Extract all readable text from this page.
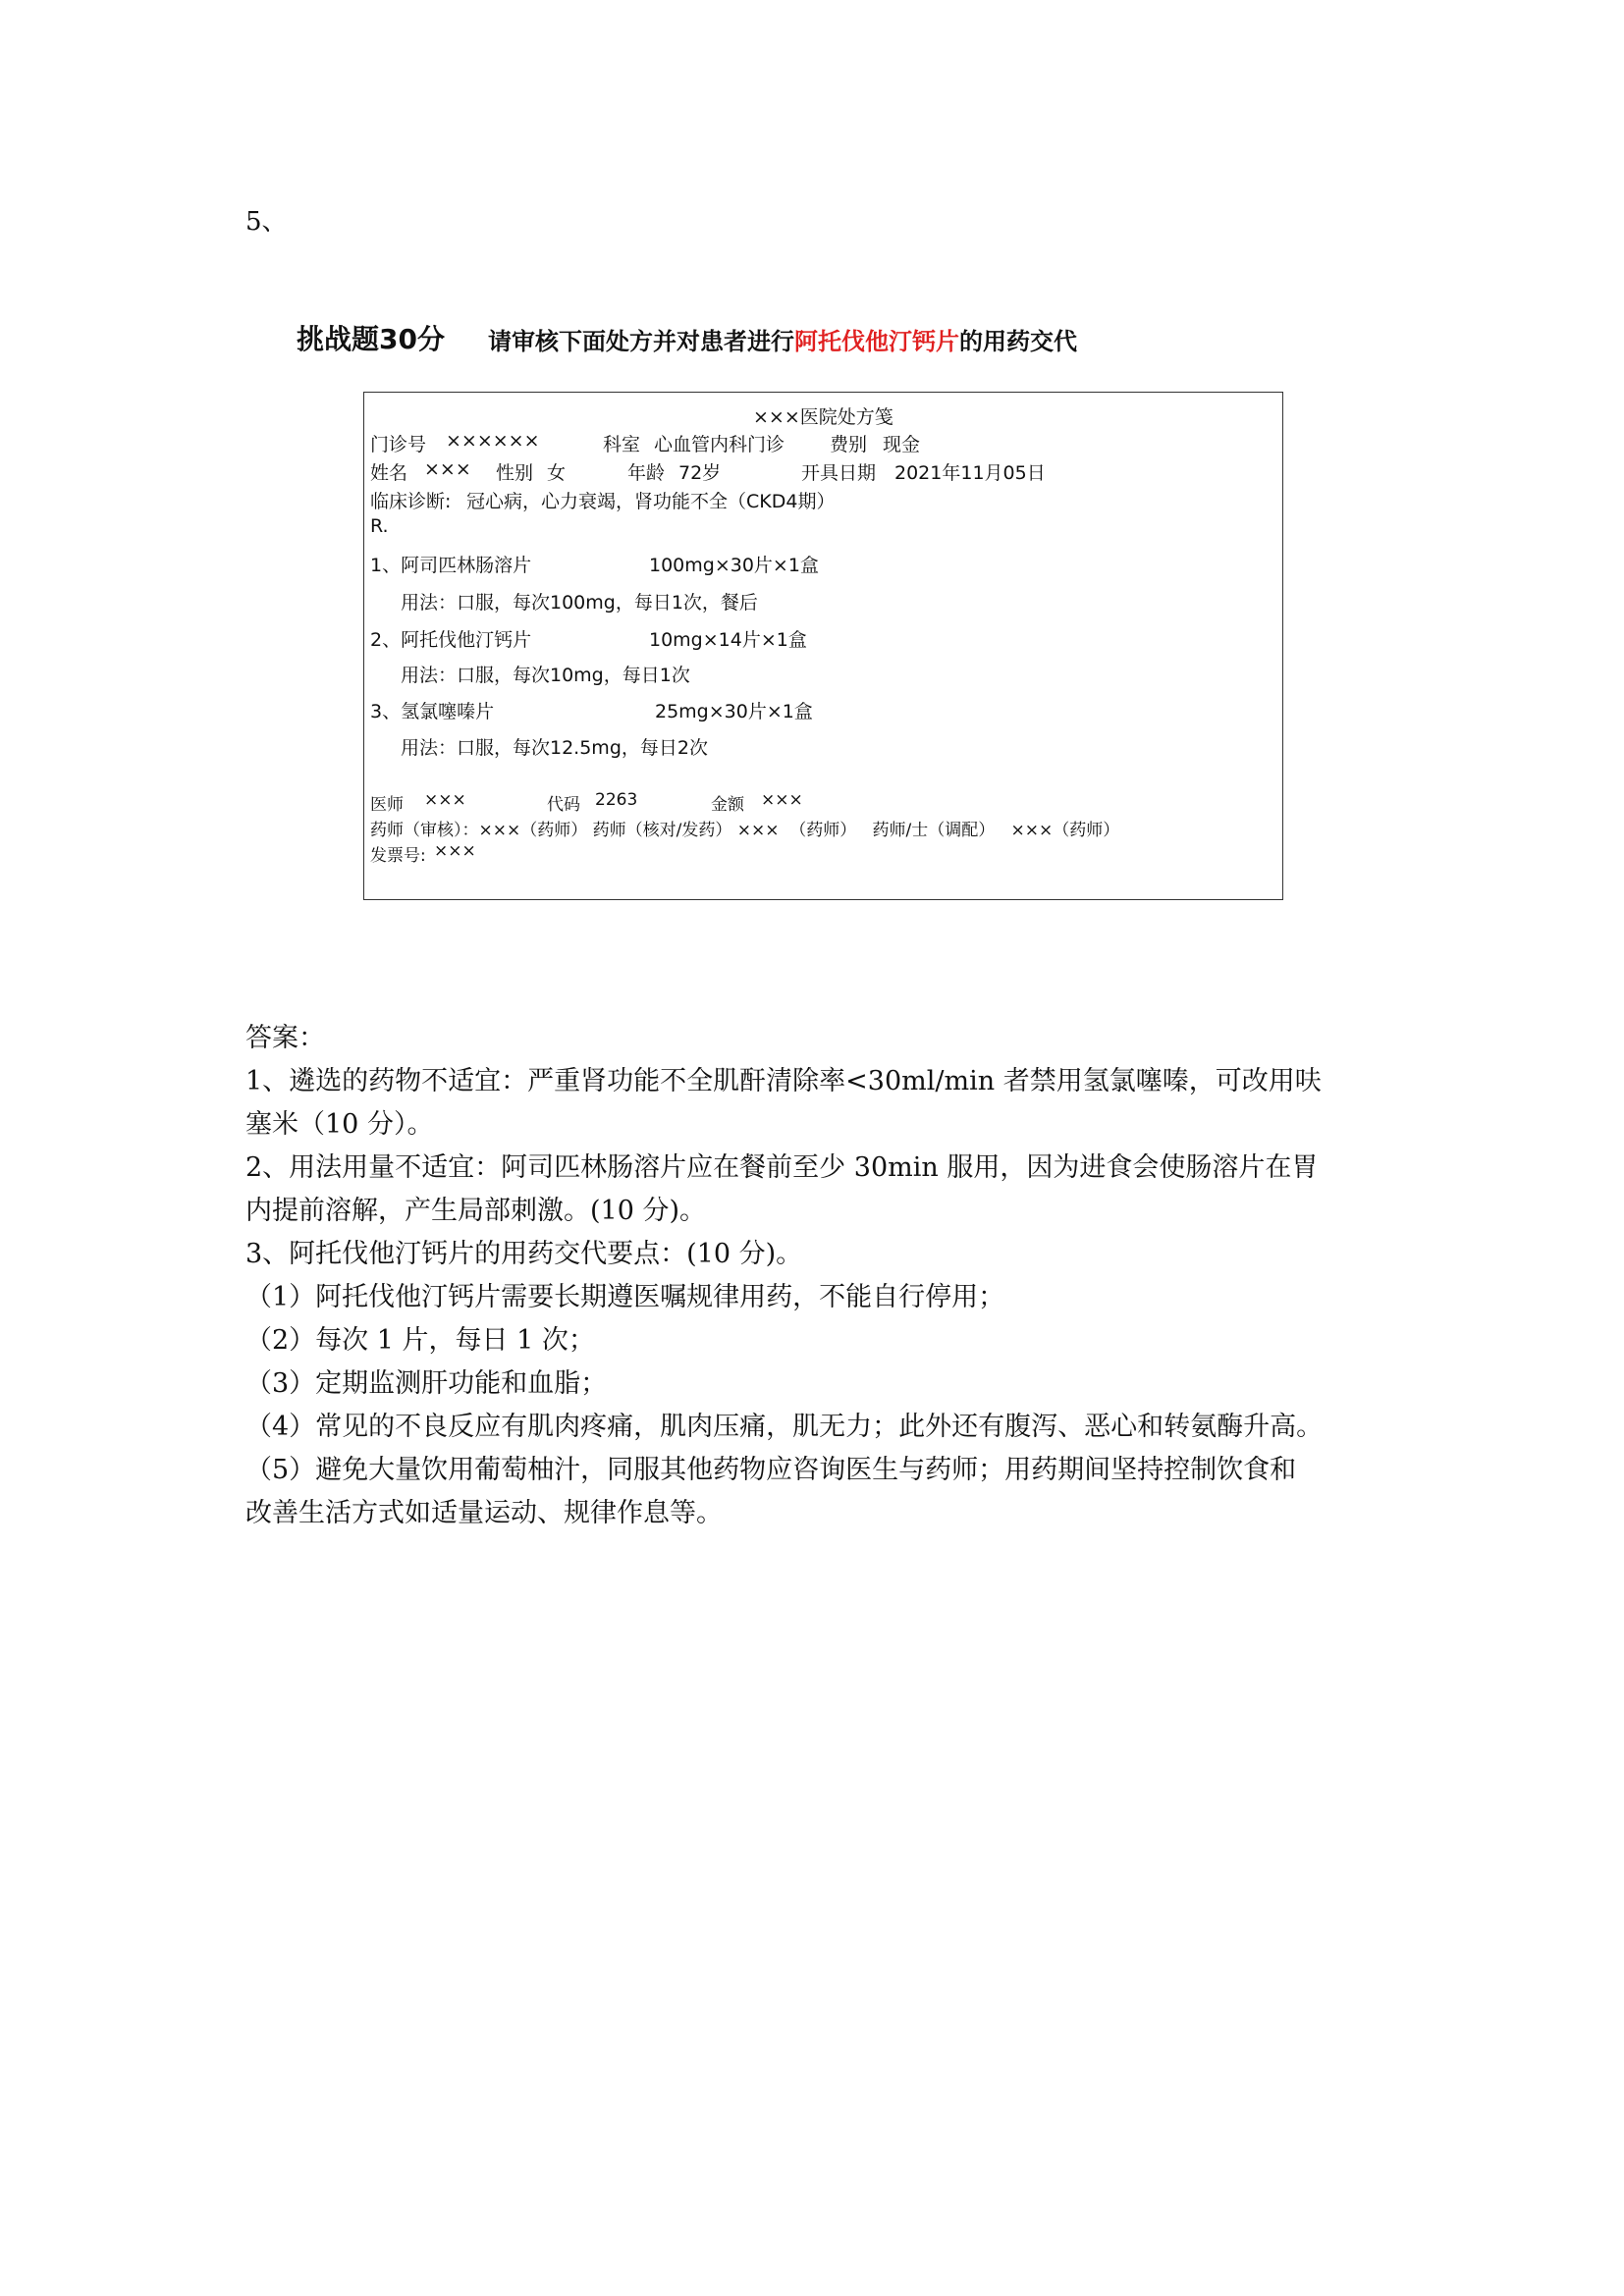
5、
挑战题30分 请审核下面处方并对患者进行阿托伐他汀钙片的用药交代
×××医院处方笺
门诊号 ××××××	科室 心血管内科门诊 费别 现金
姓名 ××× 性别 女	年龄 72岁	开具日期 2021年11月05日
临床诊断: 冠心病，心力衰竭，肾功能不全（CKD4期）
R.
1、阿司匹林肠溶片	100mg×30片×1盒
用法：口服，每次100mg，每日1次，餐后
2、阿托伐他汀钙片	10mg×14片×1盒
用法：口服，每次10mg，每日1次
3、氢氯噻嗪片	25mg×30片×1盒
用法：口服，每次12.5mg，每日2次
医师 ×××	代码 2263	金额 ×××
药师（审核）：×××（药师） 药师（核对/发药） ×××  （药师）   药师/士（调配）   ×××（药师）
发票号: ×××
答案：
1、遴选的药物不适宜：严重肾功能不全肌酐清除率<30ml/min 者禁用氢氯噻嗪，可改用呋
塞米（10 分）。
2、用法用量不适宜：阿司匹林肠溶片应在餐前至少 30min 服用，因为进食会使肠溶片在胃
内提前溶解，产生局部刺激。(10 分)。
3、阿托伐他汀钙片的用药交代要点：(10 分)。
（1）阿托伐他汀钙片需要长期遵医嘱规律用药，不能自行停用；
（2）每次 1 片，每日 1 次；
（3）定期监测肝功能和血脂；
（4）常见的不良反应有肌肉疼痛，肌肉压痛，肌无力；此外还有腹泻、恶心和转氨酶升高。
（5）避免大量饮用葡萄柚汁，同服其他药物应咨询医生与药师；用药期间坚持控制饮食和
改善生活方式如适量运动、规律作息等。
